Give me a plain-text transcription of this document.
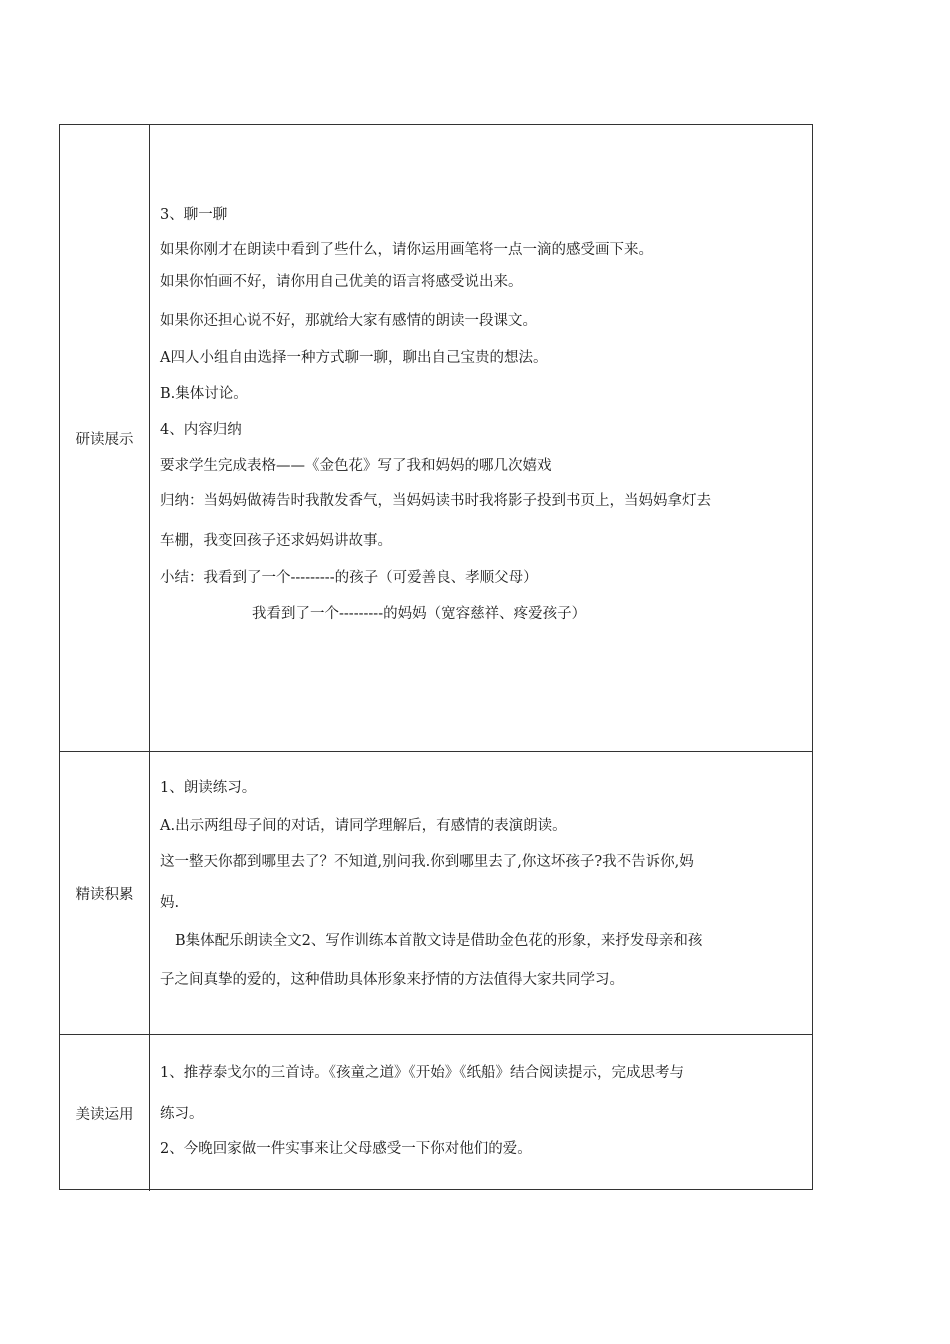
研读展示
3、聊一聊
如果你刚才在朗读中看到了些什么，请你运用画笔将一点一滴的感受画下来。
如果你怕画不好，请你用自己优美的语言将感受说出来。
如果你还担心说不好，那就给大家有感情的朗读一段课文。
A四人小组自由选择一种方式聊一聊，聊出自己宝贵的想法。
B.集体讨论。
4、内容归纳
要求学生完成表格——《金色花》写了我和妈妈的哪几次嬉戏
归纳：当妈妈做祷告时我散发香气，当妈妈读书时我将影子投到书页上，当妈妈拿灯去
车棚，我变回孩子还求妈妈讲故事。
小结：我看到了一个---------的孩子（可爱善良、孝顺父母）
我看到了一个---------的妈妈（宽容慈祥、疼爱孩子）
精读积累
1、朗读练习。
A.出示两组母子间的对话，请同学理解后，有感情的表演朗读。
这一整天你都到哪里去了？不知道,别问我.你到哪里去了,你这坏孩子?我不告诉你,妈
妈.
B集体配乐朗读全文2、写作训练本首散文诗是借助金色花的形象，来抒发母亲和孩
子之间真挚的爱的，这种借助具体形象来抒情的方法值得大家共同学习。
美读运用
1、推荐泰戈尔的三首诗。《孩童之道》《开始》《纸船》结合阅读提示，完成思考与
练习。
2、今晚回家做一件实事来让父母感受一下你对他们的爱。
